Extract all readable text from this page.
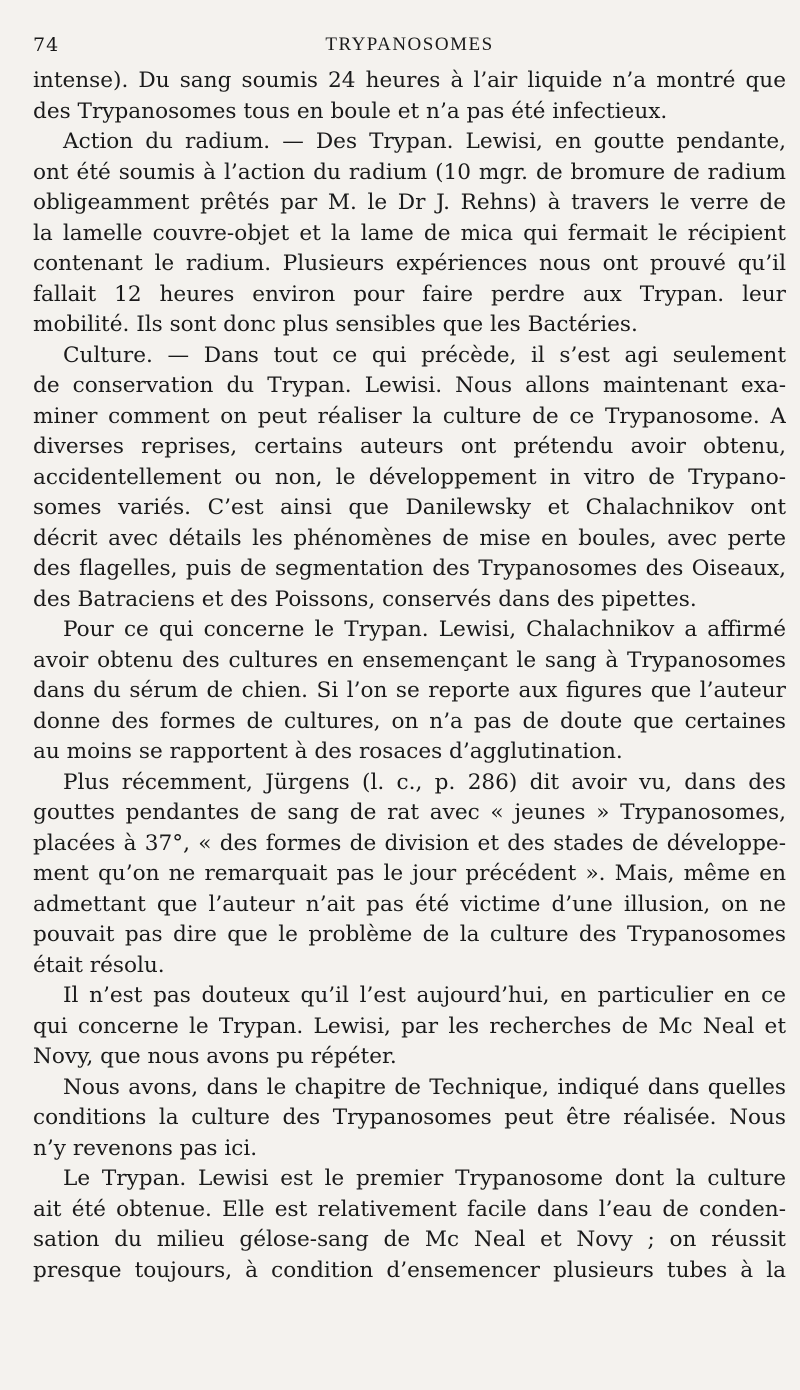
74	TRYPANOSOMES
intense). Du sang soumis 24 heures à l’air liquide n’a montré que
des Trypanosomes tous en boule et n’a pas été infectieux.
Action du radium. — Des Trypan. Lewisi, en goutte pendante,
ont été soumis à l’action du radium (10 mgr. de bromure de radium
obligeamment prêtés par M. le Dr J. Rehns) à travers le verre de
la lamelle couvre-objet et la lame de mica qui fermait le récipient
contenant le radium. Plusieurs expériences nous ont prouvé qu’il
fallait 12 heures environ pour faire perdre aux Trypan. leur
mobilité. Ils sont donc plus sensibles que les Bactéries.
Culture. — Dans tout ce qui précède, il s’est agi seulement
de conservation du Trypan. Lewisi. Nous allons maintenant exa-
miner comment on peut réaliser la culture de ce Trypanosome. A
diverses reprises, certains auteurs ont prétendu avoir obtenu,
accidentellement ou non, le développement in vitro de Trypano-
somes variés. C’est ainsi que Danilewsky et Chalachnikov ont
décrit avec détails les phénomènes de mise en boules, avec perte
des flagelles, puis de segmentation des Trypanosomes des Oiseaux,
des Batraciens et des Poissons, conservés dans des pipettes.
Pour ce qui concerne le Trypan. Lewisi, Chalachnikov a affirmé
avoir obtenu des cultures en ensemençant le sang à Trypanosomes
dans du sérum de chien. Si l’on se reporte aux figures que l’auteur
donne des formes de cultures, on n’a pas de doute que certaines
au moins se rapportent à des rosaces d’agglutination.
Plus récemment, Jürgens (l. c., p. 286) dit avoir vu, dans des
gouttes pendantes de sang de rat avec « jeunes » Trypanosomes,
placées à 37°, « des formes de division et des stades de développe-
ment qu’on ne remarquait pas le jour précédent ». Mais, même en
admettant que l’auteur n’ait pas été victime d’une illusion, on ne
pouvait pas dire que le problème de la culture des Trypanosomes
était résolu.
Il n’est pas douteux qu’il l’est aujourd’hui, en particulier en ce
qui concerne le Trypan. Lewisi, par les recherches de Mc Neal et
Novy, que nous avons pu répéter.
Nous avons, dans le chapitre de Technique, indiqué dans quelles
conditions la culture des Trypanosomes peut être réalisée. Nous
n’y revenons pas ici.
Le Trypan. Lewisi est le premier Trypanosome dont la culture
ait été obtenue. Elle est relativement facile dans l’eau de conden-
sation du milieu gélose-sang de Mc Neal et Novy ; on réussit
presque toujours, à condition d’ensemencer plusieurs tubes à la
